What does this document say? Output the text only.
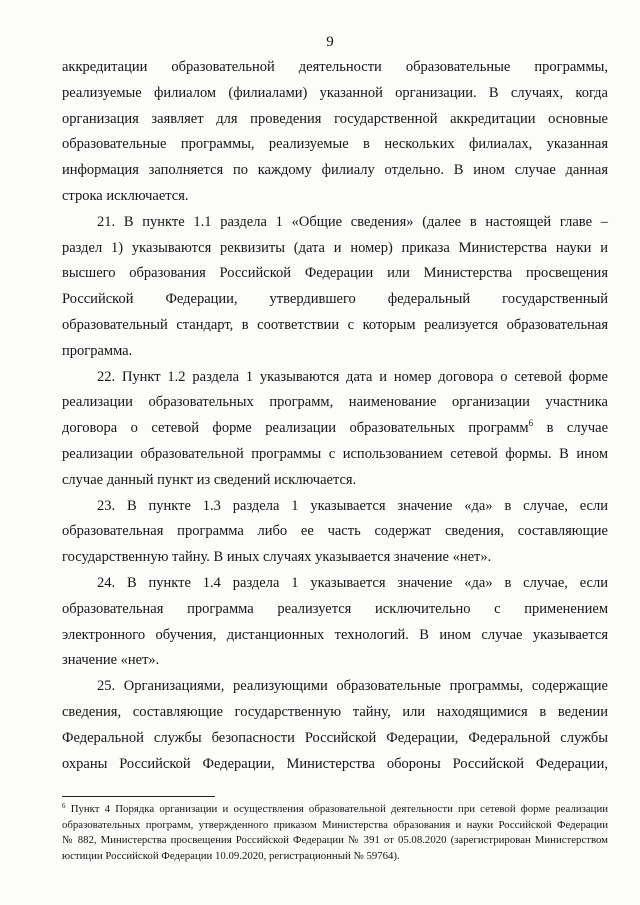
9
аккредитации образовательной деятельности образовательные программы,
реализуемые филиалом (филиалами) указанной организации. В случаях, когда
организация заявляет для проведения государственной аккредитации основные
образовательные программы, реализуемые в нескольких филиалах, указанная
информация заполняется по каждому филиалу отдельно. В ином случае данная
строка исключается.
21. В пункте 1.1 раздела 1 «Общие сведения» (далее в настоящей главе –
раздел 1) указываются реквизиты (дата и номер) приказа Министерства науки и
высшего образования Российской Федерации или Министерства просвещения
Российской Федерации, утвердившего федеральный государственный
образовательный стандарт, в соответствии с которым реализуется образовательная
программа.
22. Пункт 1.2 раздела 1 указываются дата и номер договора о сетевой форме
реализации образовательных программ, наименование организации участника
договора о сетевой форме реализации образовательных программ$^6$ в случае
реализации образовательной программы с использованием сетевой формы. В ином
случае данный пункт из сведений исключается.
23. В пункте 1.3 раздела 1 указывается значение «да» в случае, если
образовательная программа либо ее часть содержат сведения, составляющие
государственную тайну. В иных случаях указывается значение «нет».
24. В пункте 1.4 раздела 1 указывается значение «да» в случае, если
образовательная программа реализуется исключительно с применением
электронного обучения, дистанционных технологий. В ином случае указывается
значение «нет».
25. Организациями, реализующими образовательные программы, содержащие
сведения, составляющие государственную тайну, или находящимися в ведении
Федеральной службы безопасности Российской Федерации, Федеральной службы
охраны Российской Федерации, Министерства обороны Российской Федерации,
$^6$ Пункт 4 Порядка организации и осуществления образовательной деятельности при сетевой форме реализации
образовательных программ, утвержденного приказом Министерства образования и науки Российской Федерации
№ 882, Министерства просвещения Российской Федерации № 391 от 05.08.2020 (зарегистрирован Министерством
юстиции Российской Федерации 10.09.2020, регистрационный № 59764).
